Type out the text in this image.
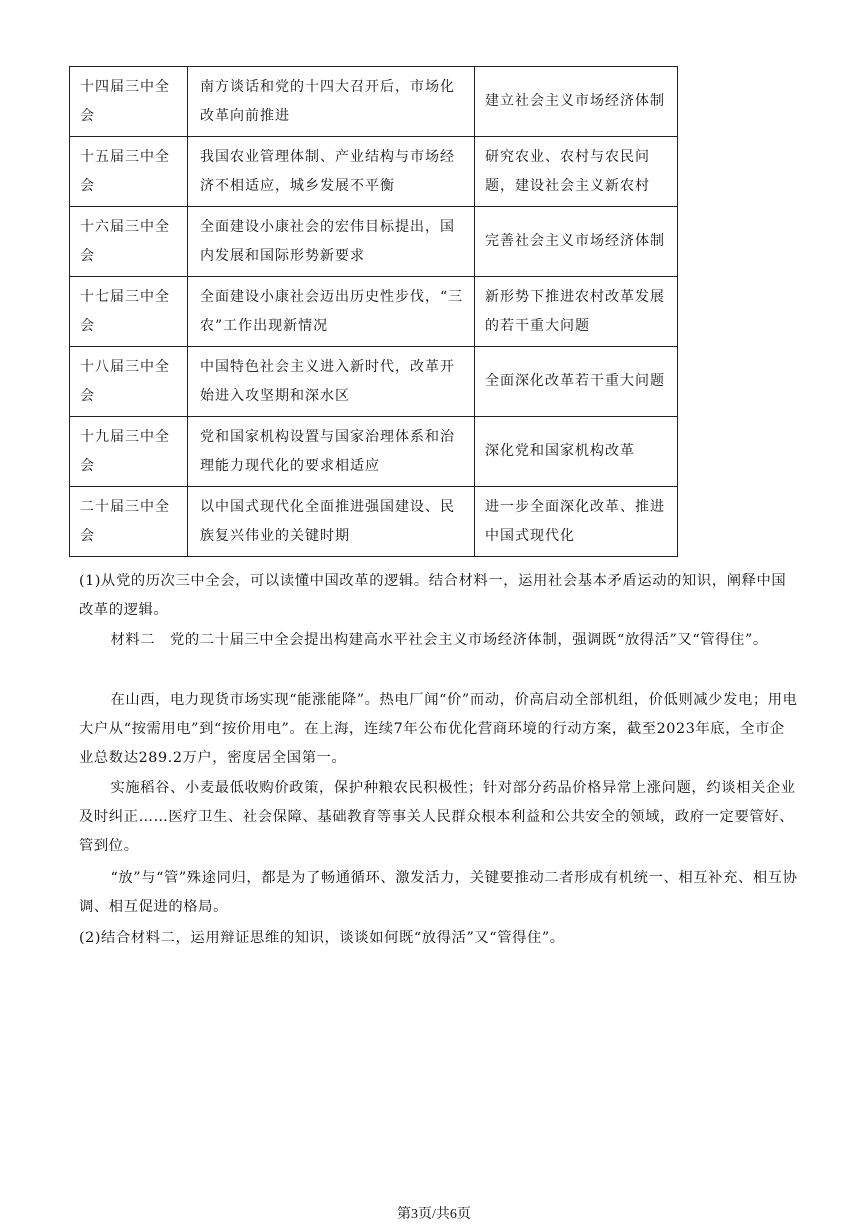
十四届三中全会	南方谈话和党的十四大召开后，市场化改革向前推进	建立社会主义市场经济体制
十五届三中全会	我国农业管理体制、产业结构与市场经济不相适应，城乡发展不平衡	研究农业、农村与农民问题，建设社会主义新农村
十六届三中全会	全面建设小康社会的宏伟目标提出，国内发展和国际形势新要求	完善社会主义市场经济体制
十七届三中全会	全面建设小康社会迈出历史性步伐，“三农”工作出现新情况	新形势下推进农村改革发展的若干重大问题
十八届三中全会	中国特色社会主义进入新时代，改革开始进入攻坚期和深水区	全面深化改革若干重大问题
十九届三中全会	党和国家机构设置与国家治理体系和治理能力现代化的要求相适应	深化党和国家机构改革
二十届三中全会	以中国式现代化全面推进强国建设、民族复兴伟业的关键时期	进一步全面深化改革、推进中国式现代化
(1)从党的历次三中全会，可以读懂中国改革的逻辑。结合材料一，运用社会基本矛盾运动的知识，阐释中国改革的逻辑。
材料二　党的二十届三中全会提出构建高水平社会主义市场经济体制，强调既“放得活”又“管得住”。
在山西，电力现货市场实现“能涨能降”。热电厂闻“价”而动，价高启动全部机组，价低则减少发电；用电大户从“按需用电”到“按价用电”。在上海，连续7年公布优化营商环境的行动方案，截至2023年底，全市企业总数达289.2万户，密度居全国第一。
实施稻谷、小麦最低收购价政策，保护种粮农民积极性；针对部分药品价格异常上涨问题，约谈相关企业及时纠正……医疗卫生、社会保障、基础教育等事关人民群众根本利益和公共安全的领域，政府一定要管好、管到位。
“放”与“管”殊途同归，都是为了畅通循环、激发活力，关键要推动二者形成有机统一、相互补充、相互协调、相互促进的格局。
(2)结合材料二，运用辩证思维的知识，谈谈如何既“放得活”又“管得住”。
第3页/共6页
